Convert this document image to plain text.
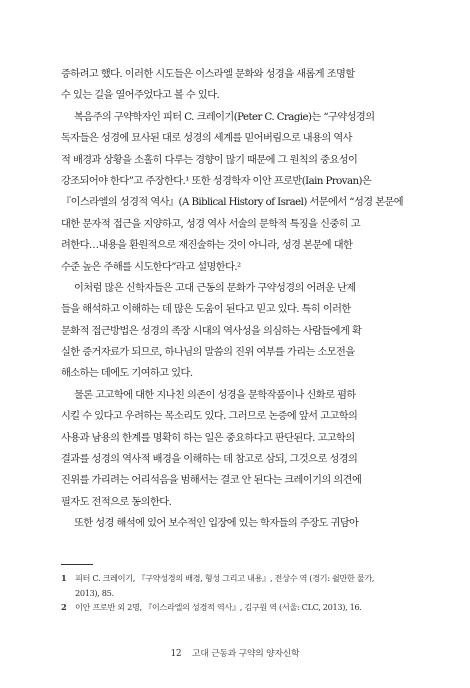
증하려고 했다. 이러한 시도들은 이스라엘 문화와 성경을 새롭게 조명할
수 있는 길을 열어주었다고 볼 수 있다.
복음주의 구약학자인 피터 C. 크레이기(Peter C. Cragie)는 “구약성경의
독자들은 성경에 묘사된 대로 성경의 세계를 믿어버림으로 내용의 역사
적 배경과 상황을 소홀히 다루는 경향이 많기 때문에 그 원칙의 중요성이
강조되어야 한다”고 주장한다.¹ 또한 성경학자 이안 프로반(Iain Provan)은
『이스라엘의 성경적 역사』(A Biblical History of Israel) 서문에서 “성경 본문에
대한 문자적 접근을 지양하고, 성경 역사 서술의 문학적 특징을 신중히 고
려한다…내용을 환원적으로 재진술하는 것이 아니라, 성경 본문에 대한
수준 높은 주해를 시도한다”라고 설명한다.²
이처럼 많은 신학자들은 고대 근동의 문화가 구약성경의 어려운 난제
들을 해석하고 이해하는 데 많은 도움이 된다고 믿고 있다. 특히 이러한
문화적 접근방법은 성경의 족장 시대의 역사성을 의심하는 사람들에게 확
실한 증거자료가 되므로, 하나님의 말씀의 진위 여부를 가리는 소모전을
해소하는 데에도 기여하고 있다.
물론 고고학에 대한 지나친 의존이 성경을 문학작품이나 신화로 폄하
시킬 수 있다고 우려하는 목소리도 있다. 그러므로 논증에 앞서 고고학의
사용과 남용의 한계를 명확히 하는 일은 중요하다고 판단된다. 고고학의
결과를 성경의 역사적 배경을 이해하는 데 참고로 삼되, 그것으로 성경의
진위를 가리려는 어리석음을 범해서는 결코 안 된다는 크레이기의 의견에
필자도 전적으로 동의한다.
또한 성경 해석에 있어 보수적인 입장에 있는 학자들의 주장도 귀담아
1 피터 C. 크레이기, 『구약성경의 배경, 형성 그리고 내용』, 전상수 역 (경기: 쉴만한 물가,
2013), 85.
2 이안 프로반 외 2명, 『이스라엘의 성경적 역사』, 김구원 역 (서울: CLC, 2013), 16.
12 고대 근동과 구약의 양자신학
